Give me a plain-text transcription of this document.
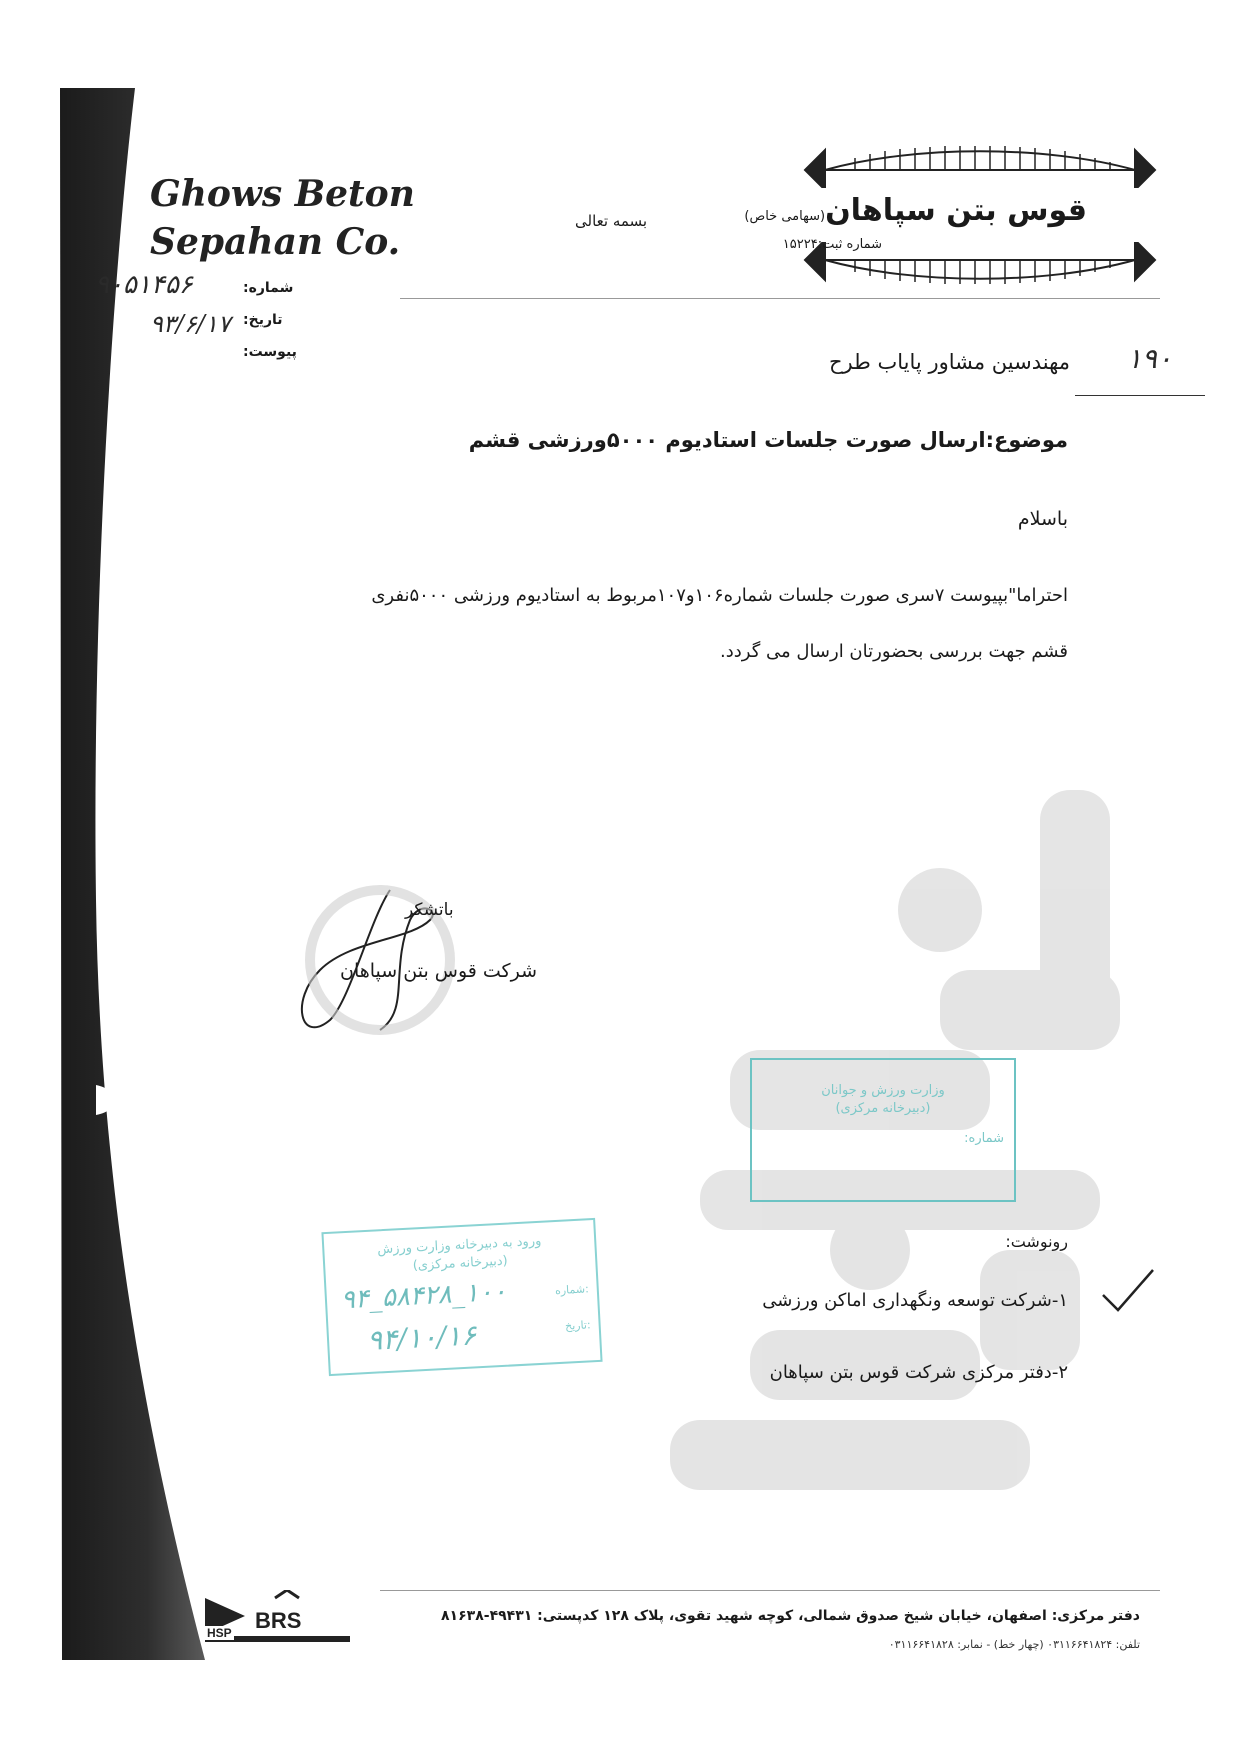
Ghows Beton
Sepahan Co.
شماره:
تاریخ:
پیوست:
۹۰۵۱۴۵۶
۹۳/۶/۱۷
بسمه تعالی	قوس بتن سپاهان(سهامی خاص)
شماره ثبت:۱۵۲۲۴
۱۹۰
مهندسین مشاور پایاب طرح
موضوع:ارسال صورت جلسات استادیوم ۵۰۰۰ورزشی قشم
باسلام
احتراما"بپیوست ۷سری صورت جلسات شماره۱۰۶و۱۰۷مربوط به استادیوم ورزشی ۵۰۰۰نفری
قشم جهت بررسی بحضورتان ارسال می گردد.
باتشکر
شرکت قوس بتن سپاهان
وزارت ورزش و جوانان
(دبیرخانه مرکزی)
شماره:
ورود به دبیرخانه وزارت ورزش
(دبیرخانه مرکزی)
شماره:
تاریخ:
۹۴_۵۸۴۲۸_۱۰۰
۹۴/۱۰/۱۶
رونوشت:
۱-شرکت توسعه ونگهداری اماکن ورزشی
۲-دفتر مرکزی شرکت قوس بتن سپاهان
BRS
HSP
دفتر مرکزی: اصفهان، خیابان شیخ صدوق شمالی، کوچه شهید تقوی، پلاک ۱۲۸ کدپستی: ۴۹۴۳۱-۸۱۶۳۸
تلفن: ۰۳۱۱۶۶۴۱۸۲۴ (چهار خط) - نمابر: ۰۳۱۱۶۶۴۱۸۲۸
